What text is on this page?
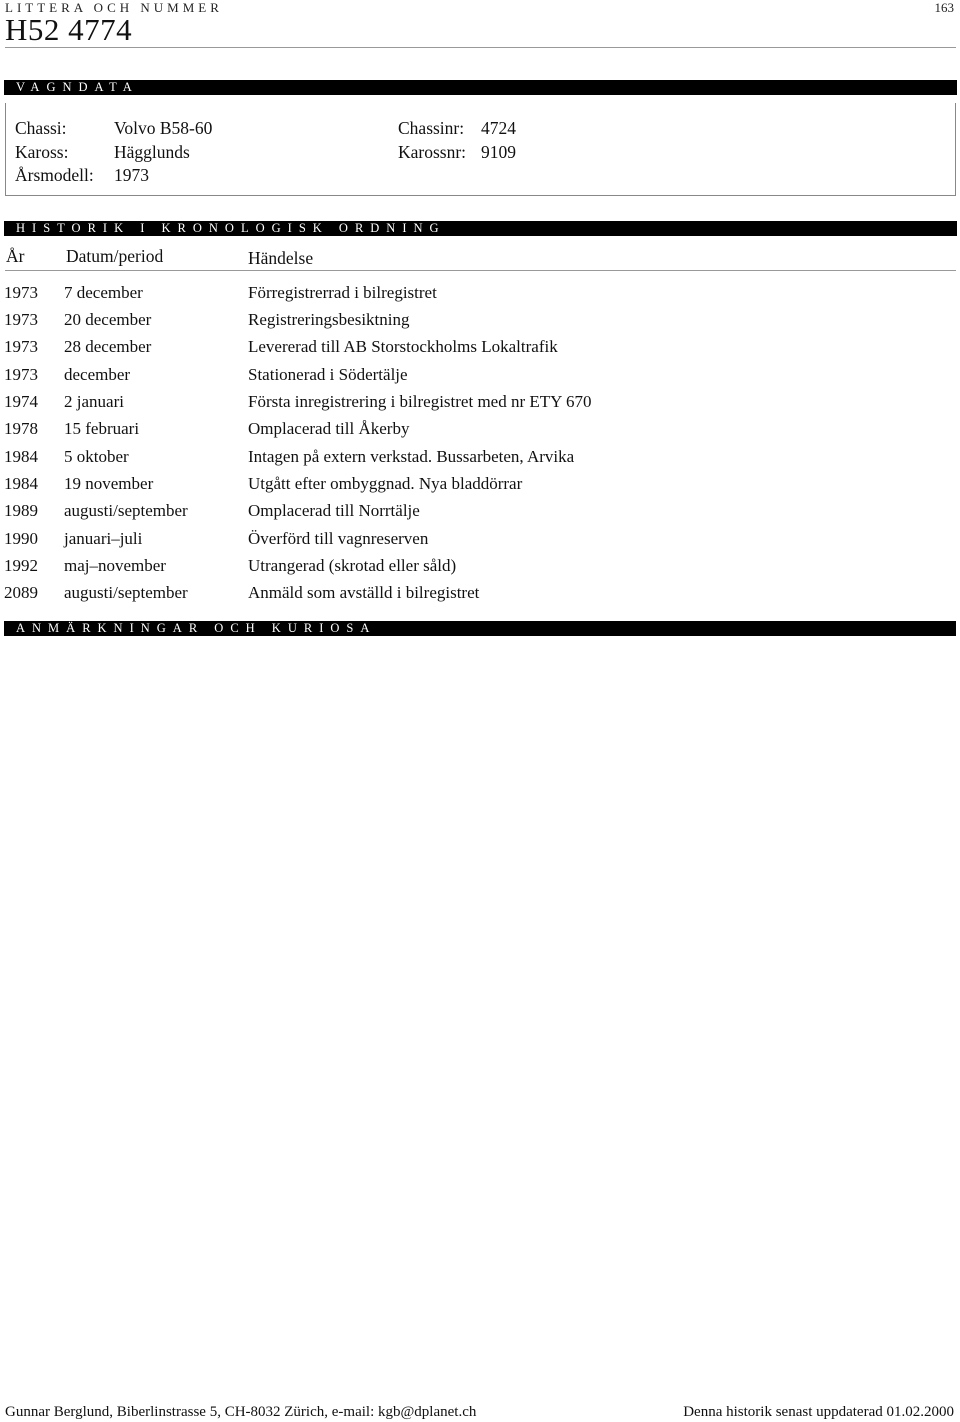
LITTERA OCH NUMMER	163
H52 4774
VAGNDATA
Chassi:	Volvo B58-60
Kaross:	Hägglunds
Årsmodell: 1973
Chassinr: 4724
Karossnr: 9109
HISTORIK I KRONOLOGISK ORDNING
År Datum/period	Händelse
1973 7 december	Förregistrerrad i bilregistret
1973 20 december	Registreringsbesiktning
1973 28 december	Levererad till AB Storstockholms Lokaltrafik
1973 december	Stationerad i Södertälje
1974 2 januari	Första inregistrering i bilregistret med nr ETY 670
1978 15 februari	Omplacerad till Åkerby
1984 5 oktober	Intagen på extern verkstad. Bussarbeten, Arvika
1984 19 november	Utgått efter ombyggnad. Nya bladdörrar
1989 augusti/september	Omplacerad till Norrtälje
1990 januari–juli	Överförd till vagnreserven
1992 maj–november	Utrangerad (skrotad eller såld)
2089 augusti/september	Anmäld som avställd i bilregistret
ANMÄRKNINGAR OCH KURIOSA
Gunnar Berglund, Biberlinstrasse 5, CH-8032 Zürich, e-mail: kgb@dplanet.ch	Denna historik senast uppdaterad 01.02.2000
